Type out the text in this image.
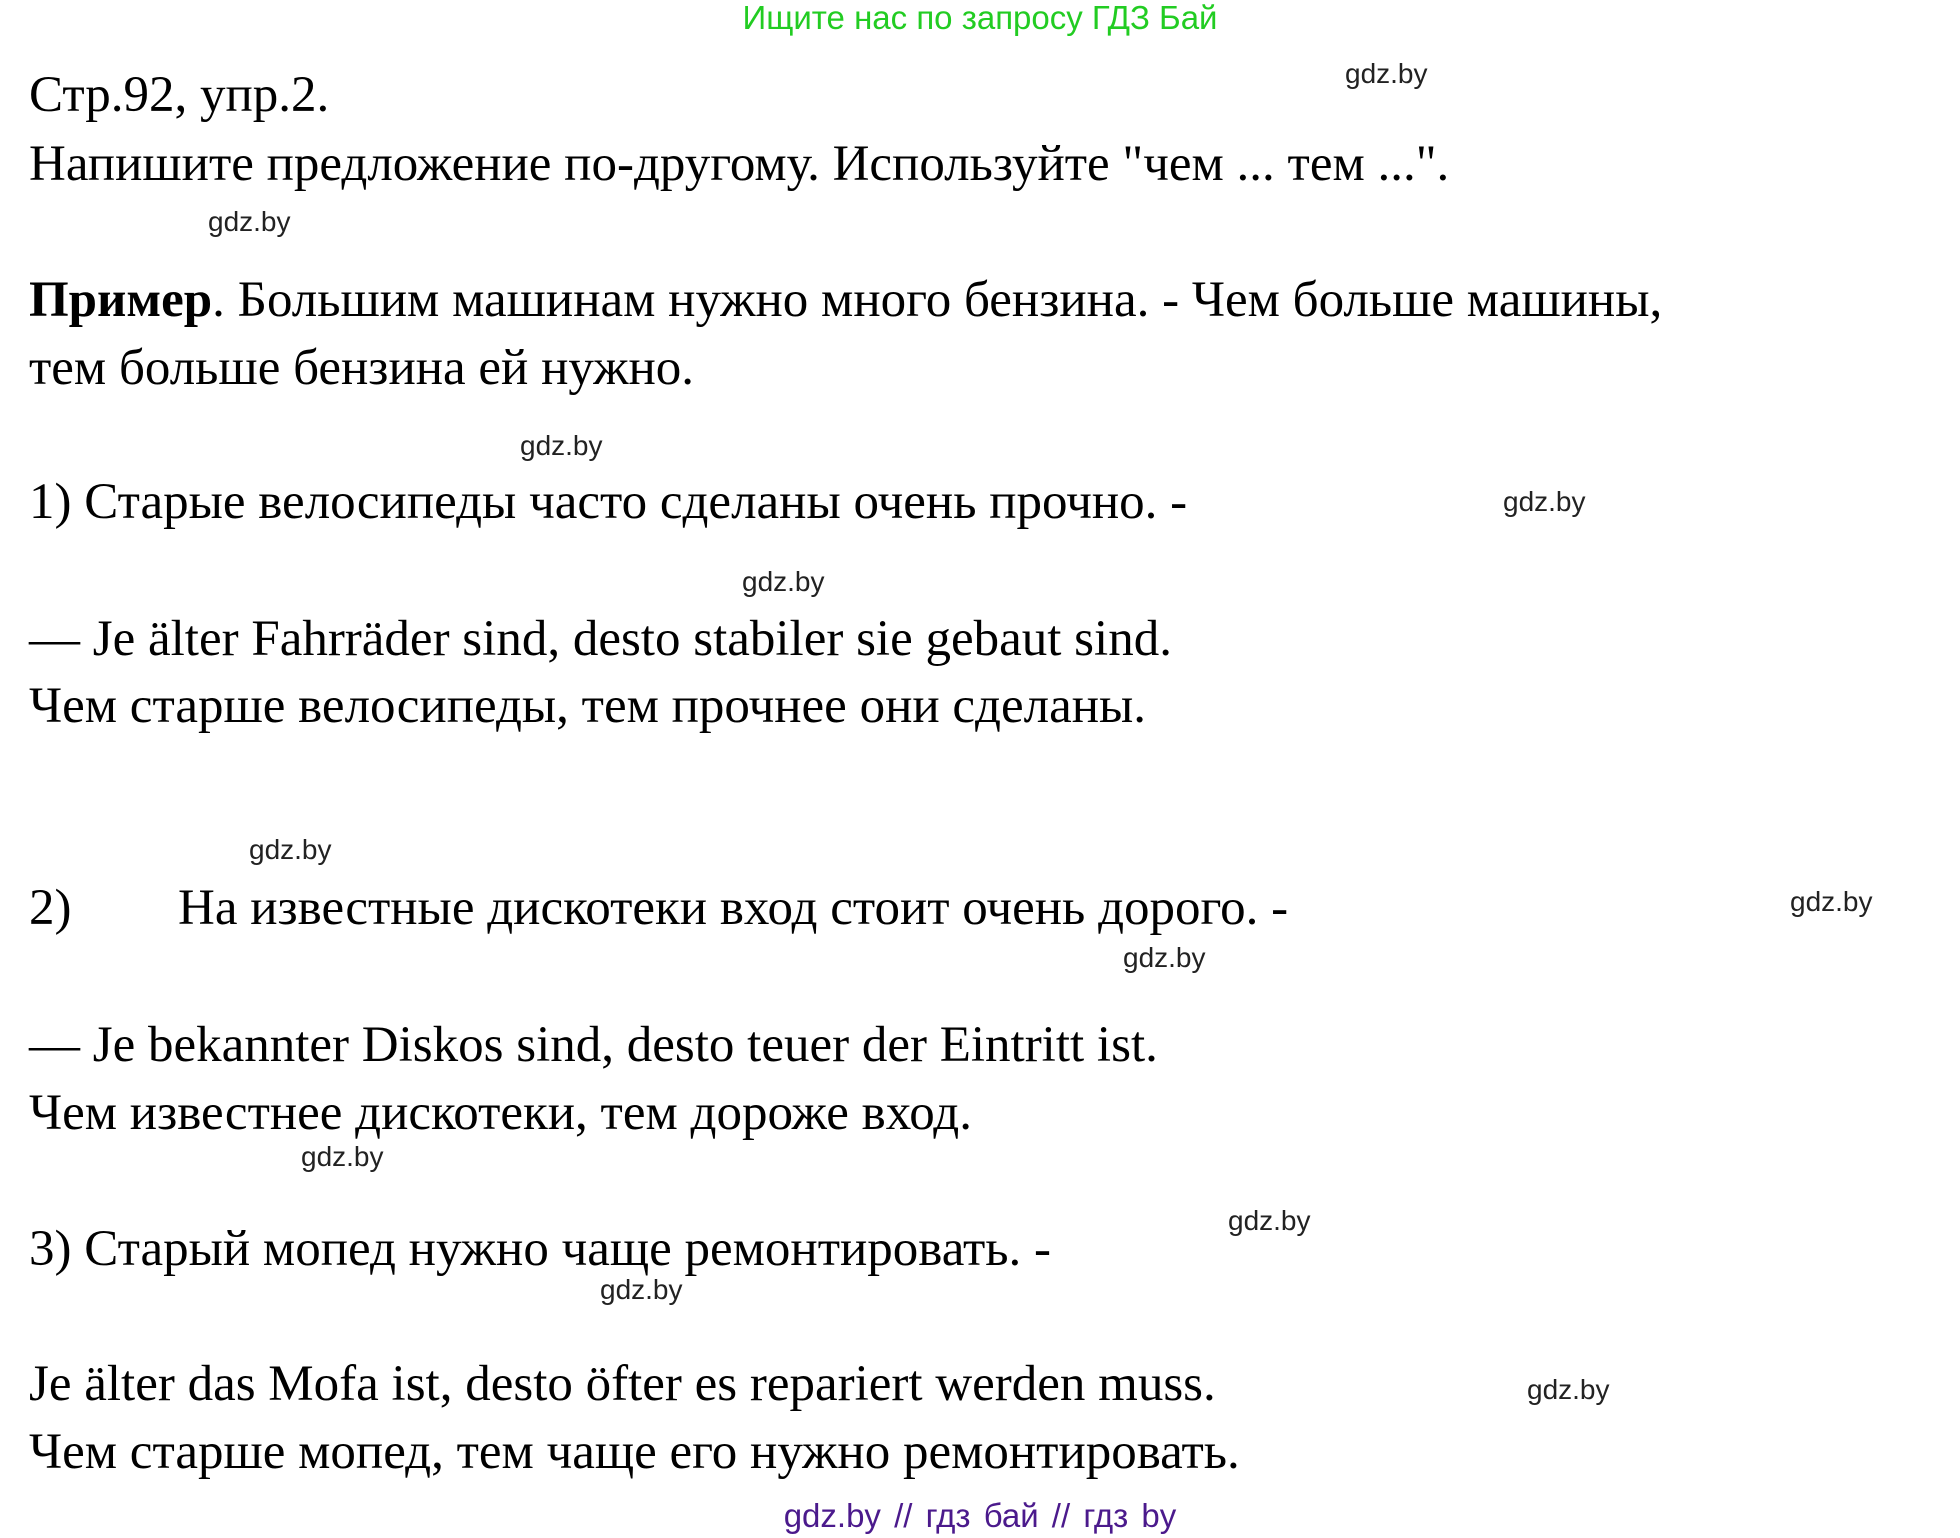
Ищите нас по запросу ГДЗ Бай
Стр.92, упр.2.
Напишите предложение по-другому. Используйте "чем ... тем ...".
Пример. Большим машинам нужно много бензина. - Чем больше машины,
тем больше бензина ей нужно.
1) Старые велосипеды часто сделаны очень прочно. -
— Je älter Fahrräder sind, desto stabiler sie gebaut sind.
Чем старше велосипеды, тем прочнее они сделаны.
2) На известные дискотеки вход стоит очень дорого. -
— Je bekannter Diskos sind, desto teuer der Eintritt ist.
Чем известнее дискотеки, тем дороже вход.
3) Старый мопед нужно чаще ремонтировать. -
Je älter das Mofa ist, desto öfter es repariert werden muss.
Чем старше мопед, тем чаще его нужно ремонтировать.
gdz.by
gdz.by
gdz.by
gdz.by
gdz.by
gdz.by
gdz.by
gdz.by
gdz.by
gdz.by
gdz.by
gdz.by
gdz.by // гдз бай // гдз by
